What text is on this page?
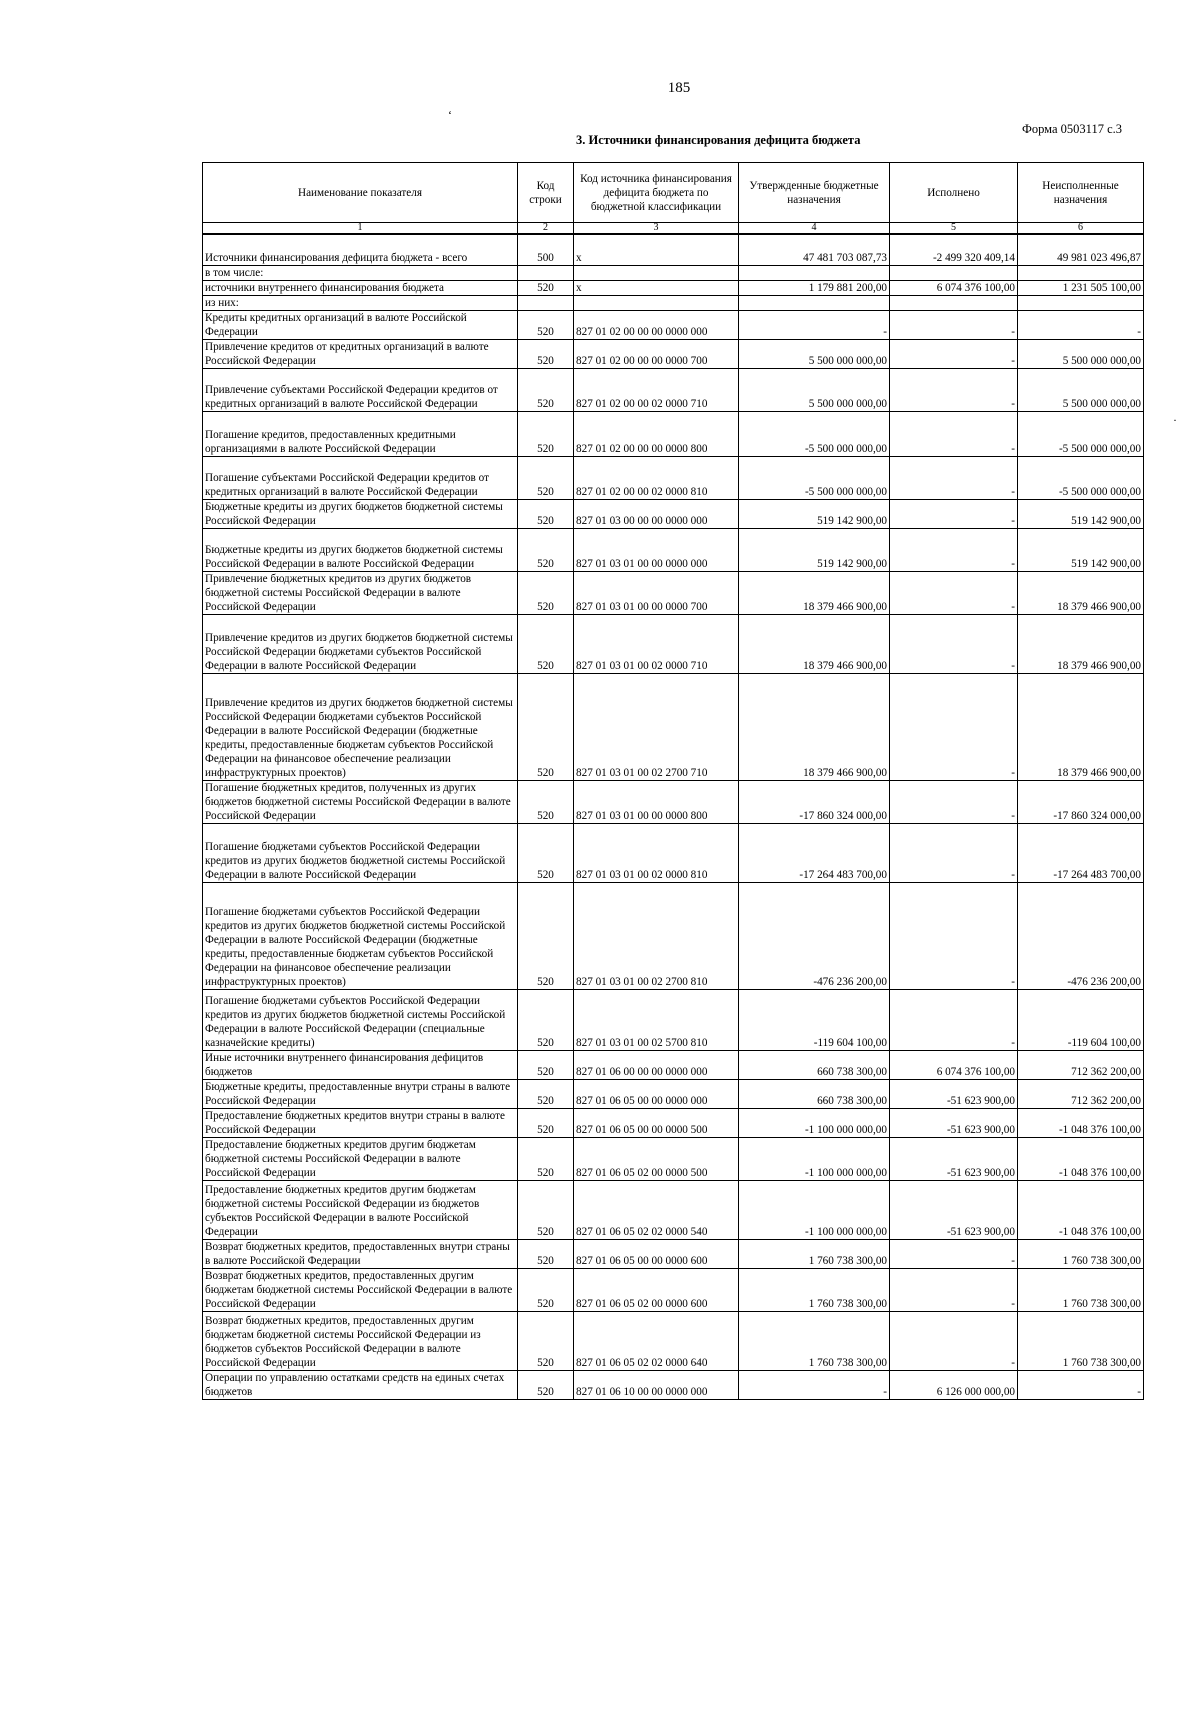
185
‘
Форма 0503117 с.3
3. Источники финансирования дефицита бюджета
·
Наименование показателя	Код строки	Код источника финансирования дефицита бюджета по бюджетной классификации	Утвержденные бюджетные назначения	Исполнено	Неисполненные назначения
1	2	3	4	5	6
Источники финансирования дефицита бюджета - всего	500	x	47 481 703 087,73	-2 499 320 409,14	49 981 023 496,87
в том числе:					
источники внутреннего финансирования бюджета	520	x	1 179 881 200,00	6 074 376 100,00	1 231 505 100,00
из них:					
Кредиты кредитных организаций в валюте Российской Федерации	520	827 01 02 00 00 00 0000 000	-	-	-
Привлечение кредитов от кредитных организаций в валюте Российской Федерации	520	827 01 02 00 00 00 0000 700	5 500 000 000,00	-	5 500 000 000,00
Привлечение субъектами Российской Федерации кредитов от кредитных организаций в валюте Российской Федерации	520	827 01 02 00 00 02 0000 710	5 500 000 000,00	-	5 500 000 000,00
Погашение кредитов, предоставленных кредитными организациями в валюте Российской Федерации	520	827 01 02 00 00 00 0000 800	-5 500 000 000,00	-	-5 500 000 000,00
Погашение субъектами Российской Федерации кредитов от кредитных организаций в валюте Российской Федерации	520	827 01 02 00 00 02 0000 810	-5 500 000 000,00	-	-5 500 000 000,00
Бюджетные кредиты из других бюджетов бюджетной системы Российской Федерации	520	827 01 03 00 00 00 0000 000	519 142 900,00	-	519 142 900,00
Бюджетные кредиты из других бюджетов бюджетной системы Российской Федерации в валюте Российской Федерации	520	827 01 03 01 00 00 0000 000	519 142 900,00	-	519 142 900,00
Привлечение бюджетных кредитов из других бюджетов бюджетной системы Российской Федерации в валюте Российской Федерации	520	827 01 03 01 00 00 0000 700	18 379 466 900,00	-	18 379 466 900,00
Привлечение кредитов из других бюджетов бюджетной системы Российской Федерации бюджетами субъектов Российской Федерации в валюте Российской Федерации	520	827 01 03 01 00 02 0000 710	18 379 466 900,00	-	18 379 466 900,00
Привлечение кредитов из других бюджетов бюджетной системы Российской Федерации бюджетами субъектов Российской Федерации в валюте Российской Федерации (бюджетные кредиты, предоставленные бюджетам субъектов Российской Федерации на финансовое обеспечение реализации инфраструктурных проектов)	520	827 01 03 01 00 02 2700 710	18 379 466 900,00	-	18 379 466 900,00
Погашение бюджетных кредитов, полученных из других бюджетов бюджетной системы Российской Федерации в валюте Российской Федерации	520	827 01 03 01 00 00 0000 800	-17 860 324 000,00	-	-17 860 324 000,00
Погашение бюджетами субъектов Российской Федерации кредитов из других бюджетов бюджетной системы Российской Федерации в валюте Российской Федерации	520	827 01 03 01 00 02 0000 810	-17 264 483 700,00	-	-17 264 483 700,00
Погашение бюджетами субъектов Российской Федерации кредитов из других бюджетов бюджетной системы Российской Федерации в валюте Российской Федерации (бюджетные кредиты, предоставленные бюджетам субъектов Российской Федерации на финансовое обеспечение реализации инфраструктурных проектов)	520	827 01 03 01 00 02 2700 810	-476 236 200,00	-	-476 236 200,00
Погашение бюджетами субъектов Российской Федерации кредитов из других бюджетов бюджетной системы Российской Федерации в валюте Российской Федерации (специальные казначейские кредиты)	520	827 01 03 01 00 02 5700 810	-119 604 100,00	-	-119 604 100,00
Иные источники внутреннего финансирования дефицитов бюджетов	520	827 01 06 00 00 00 0000 000	660 738 300,00	6 074 376 100,00	712 362 200,00
Бюджетные кредиты, предоставленные внутри страны в валюте Российской Федерации	520	827 01 06 05 00 00 0000 000	660 738 300,00	-51 623 900,00	712 362 200,00
Предоставление бюджетных кредитов внутри страны в валюте Российской Федерации	520	827 01 06 05 00 00 0000 500	-1 100 000 000,00	-51 623 900,00	-1 048 376 100,00
Предоставление бюджетных кредитов другим бюджетам бюджетной системы Российской Федерации в валюте Российской Федерации	520	827 01 06 05 02 00 0000 500	-1 100 000 000,00	-51 623 900,00	-1 048 376 100,00
Предоставление бюджетных кредитов другим бюджетам бюджетной системы Российской Федерации из бюджетов субъектов Российской Федерации в валюте Российской Федерации	520	827 01 06 05 02 02 0000 540	-1 100 000 000,00	-51 623 900,00	-1 048 376 100,00
Возврат бюджетных кредитов, предоставленных внутри страны в валюте Российской Федерации	520	827 01 06 05 00 00 0000 600	1 760 738 300,00	-	1 760 738 300,00
Возврат бюджетных кредитов, предоставленных другим бюджетам бюджетной системы Российской Федерации в валюте Российской Федерации	520	827 01 06 05 02 00 0000 600	1 760 738 300,00	-	1 760 738 300,00
Возврат бюджетных кредитов, предоставленных другим бюджетам бюджетной системы Российской Федерации из бюджетов субъектов Российской Федерации в валюте Российской Федерации	520	827 01 06 05 02 02 0000 640	1 760 738 300,00	-	1 760 738 300,00
Операции по управлению остатками средств на единых счетах бюджетов	520	827 01 06 10 00 00 0000 000	-	6 126 000 000,00	-
